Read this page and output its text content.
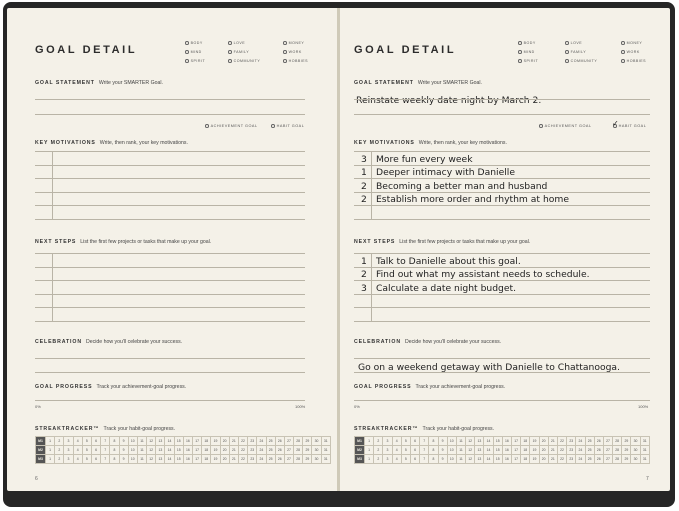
GOAL DETAIL
BODY	LOVE	MONEY
MIND	FAMILY	WORK
SPIRIT	COMMUNITY	HOBBIES
GOAL STATEMENT Write your SMARTER Goal.
ACHIEVEMENT GOAL	HABIT GOAL
KEY MOTIVATIONS Write, then rank, your key motivations.
NEXT STEPS List the first few projects or tasks that make up your goal.
CELEBRATION Decide how you'll celebrate your success.
GOAL PROGRESS Track your achievement-goal progress.
0%	100%
STREAKTRACKER™ Track your habit-goal progress.
M1	1	2	3	4	5	6	7	8	9	10	11	12	13	14	15	16	17	18	19	20	21	22	23	24	25	26	27	28	29	30	31
M2	1	2	3	4	5	6	7	8	9	10	11	12	13	14	15	16	17	18	19	20	21	22	23	24	25	26	27	28	29	30	31
M3	1	2	3	4	5	6	7	8	9	10	11	12	13	14	15	16	17	18	19	20	21	22	23	24	25	26	27	28	29	30	31
6
GOAL DETAIL
BODY	LOVE	MONEY
MIND	FAMILY	WORK
SPIRIT	COMMUNITY	HOBBIES
GOAL STATEMENT Write your SMARTER Goal.
Reinstate weekly date night by March 2.
ACHIEVEMENT GOAL	HABIT GOAL
✓
KEY MOTIVATIONS Write, then rank, your key motivations.
3 More fun every week
1 Deeper intimacy with Danielle
2 Becoming a better man and husband
2 Establish more order and rhythm at home
NEXT STEPS List the first few projects or tasks that make up your goal.
1 Talk to Danielle about this goal.
2 Find out what my assistant needs to schedule.
3 Calculate a date night budget.
CELEBRATION Decide how you'll celebrate your success.
Go on a weekend getaway with Danielle to Chattanooga.
GOAL PROGRESS Track your achievement-goal progress.
0%	100%
STREAKTRACKER™ Track your habit-goal progress.
M1	1	2	3	4	5	6	7	8	9	10	11	12	13	14	15	16	17	18	19	20	21	22	23	24	25	26	27	28	29	30	31
M2	1	2	3	4	5	6	7	8	9	10	11	12	13	14	15	16	17	18	19	20	21	22	23	24	25	26	27	28	29	30	31
M3	1	2	3	4	5	6	7	8	9	10	11	12	13	14	15	16	17	18	19	20	21	22	23	24	25	26	27	28	29	30	31
7
